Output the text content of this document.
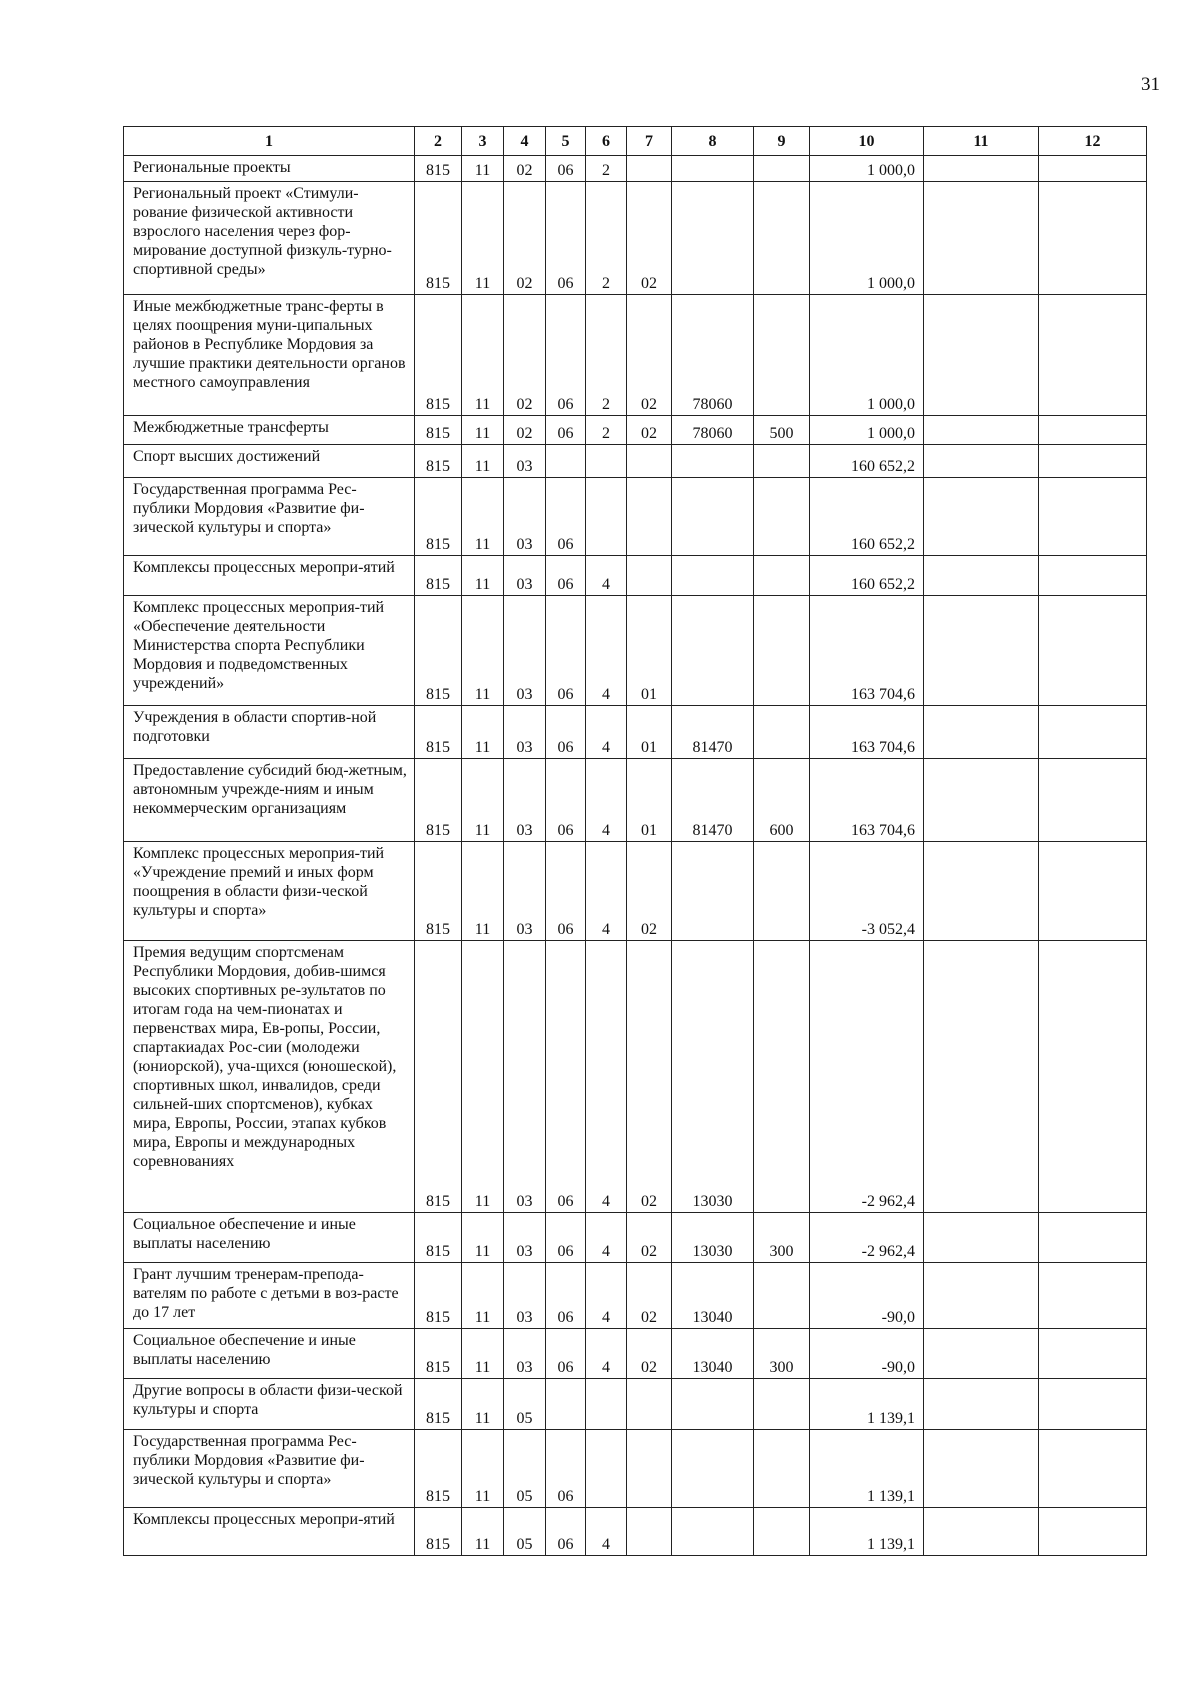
31
1	2	3	4	5	6	7	8	9	10	11	12
Региональные проекты	815	11	02	06	2				1 000,0		
Региональный проект «Стимули-рование физической активности взрослого населения через фор-мирование доступной физкуль-турно-спортивной среды»	815	11	02	06	2	02			1 000,0		
Иные межбюджетные транс-ферты в целях поощрения муни-ципальных районов в Республике Мордовия за лучшие практики деятельности органов местного самоуправления	815	11	02	06	2	02	78060		1 000,0		
Межбюджетные трансферты	815	11	02	06	2	02	78060	500	1 000,0		
Спорт высших достижений	815	11	03						160 652,2		
Государственная программа Рес-публики Мордовия «Развитие фи-зической культуры и спорта»	815	11	03	06					160 652,2		
Комплексы процессных меропри-ятий	815	11	03	06	4				160 652,2		
Комплекс процессных мероприя-тий «Обеспечение деятельности Министерства спорта Республики Мордовия и подведомственных учреждений»	815	11	03	06	4	01			163 704,6		
Учреждения в области спортив-ной подготовки	815	11	03	06	4	01	81470		163 704,6		
Предоставление субсидий бюд-жетным, автономным учрежде-ниям и иным некоммерческим организациям	815	11	03	06	4	01	81470	600	163 704,6		
Комплекс процессных мероприя-тий «Учреждение премий и иных форм поощрения в области физи-ческой культуры и спорта»	815	11	03	06	4	02			-3 052,4		
Премия ведущим спортсменам Республики Мордовия, добив-шимся высоких спортивных ре-зультатов по итогам года на чем-пионатах и первенствах мира, Ев-ропы, России, спартакиадах Рос-сии (молодежи (юниорской), уча-щихся (юношеской), спортивных школ, инвалидов, среди сильней-ших спортсменов), кубках мира, Европы, России, этапах кубков мира, Европы и международных соревнованиях	815	11	03	06	4	02	13030		-2 962,4		
Социальное обеспечение и иные выплаты населению	815	11	03	06	4	02	13030	300	-2 962,4		
Грант лучшим тренерам-препода-вателям по работе с детьми в воз-расте до 17 лет	815	11	03	06	4	02	13040		-90,0		
Социальное обеспечение и иные выплаты населению	815	11	03	06	4	02	13040	300	-90,0		
Другие вопросы в области физи-ческой культуры и спорта	815	11	05						1 139,1		
Государственная программа Рес-публики Мордовия «Развитие фи-зической культуры и спорта»	815	11	05	06					1 139,1		
Комплексы процессных меропри-ятий	815	11	05	06	4				1 139,1		
